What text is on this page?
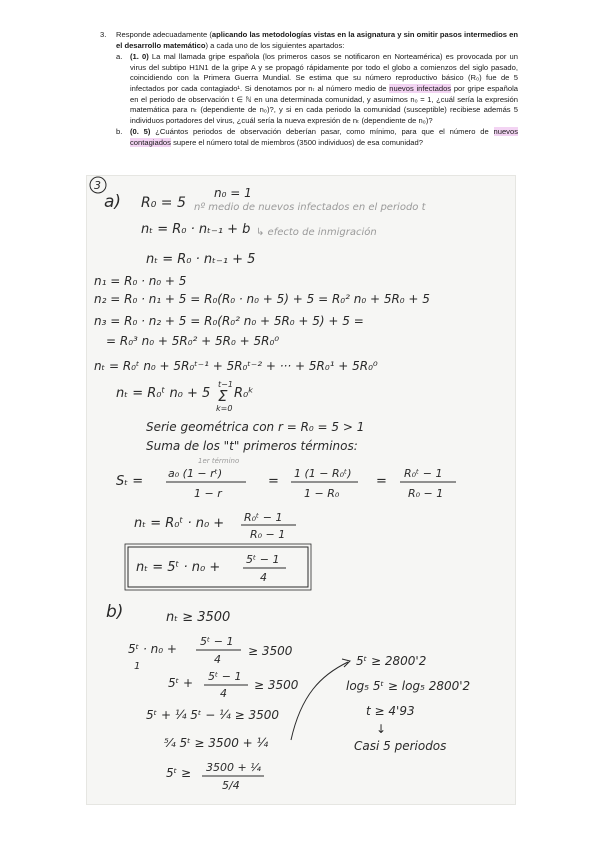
3.	Responde adecuadamente (aplicando las metodologías vistas en la asignatura y sin omitir pasos intermedios en el desarrollo matemático) a cada uno de los siguientes apartados:
a.	(1. 0) La mal llamada gripe española (los primeros casos se notificaron en Norteamérica) es provocada por un virus del subtipo H1N1 de la gripe A y se propagó rápidamente por todo el globo a comienzos del siglo pasado, coincidiendo con la Primera Guerra Mundial. Se estima que su número reproductivo básico (R₀) fue de 5 infectados por cada contagiado¹. Si denotamos por nₜ al número medio de nuevos infectados por gripe española en el periodo de observación t ∈ ℕ en una determinada comunidad, y asumimos n₀ = 1, ¿cuál sería la expresión matemática para nₜ (dependiente de n₀)?, y si en cada periodo la comunidad (susceptible) recibiese además 5 individuos portadores del virus, ¿cuál sería la nueva expresión de nₜ (dependiente de n₀)?
b.	(0. 5) ¿Cuántos periodos de observación deberían pasar, como mínimo, para que el número de nuevos contagiados supere el número total de miembros (3500 individuos) de esa comunidad?
3
a) R₀ = 5
n₀ = 1
nº medio de nuevos infectados en el periodo t
nₜ = R₀ · nₜ₋₁ + b ↳ efecto de inmigración
nₜ = R₀ · nₜ₋₁ + 5
n₁ = R₀ · n₀ + 5
n₂ = R₀ · n₁ + 5 = R₀(R₀ · n₀ + 5) + 5 = R₀² n₀ + 5R₀ + 5
n₃ = R₀ · n₂ + 5 = R₀(R₀² n₀ + 5R₀ + 5) + 5 =
= R₀³ n₀ + 5R₀² + 5R₀ + 5R₀⁰
nₜ = R₀ᵗ n₀ + 5R₀ᵗ⁻¹ + 5R₀ᵗ⁻² + ··· + 5R₀¹ + 5R₀⁰
nₜ = R₀ᵗ n₀ + 5
t−1
Σ
k=0
R₀ᵏ
Serie geométrica con r = R₀ = 5 > 1
Suma de los "t" primeros términos:
1er término
Sₜ =
a₀ (1 − rᵗ)
1 − r
=
1 (1 − R₀ᵗ)
1 − R₀
=
R₀ᵗ − 1
R₀ − 1
nₜ = R₀ᵗ · n₀ + R₀ᵗ − 1
R₀ − 1
nₜ = 5ᵗ · n₀ +
5ᵗ − 1
4
b)	nₜ ≥ 3500
5ᵗ · n₀ +
1
5ᵗ − 1
4
≥ 3500
5ᵗ + 5ᵗ − 1
4
≥ 3500
5ᵗ + ¼ 5ᵗ − ¼ ≥ 3500
⁵⁄₄ 5ᵗ ≥ 3500 + ¼
5ᵗ ≥ 3500 + ¼
5/4
5ᵗ ≥ 2800'2
log₅ 5ᵗ ≥ log₅ 2800'2
t ≥ 4'93
↓
Casi 5 periodos
